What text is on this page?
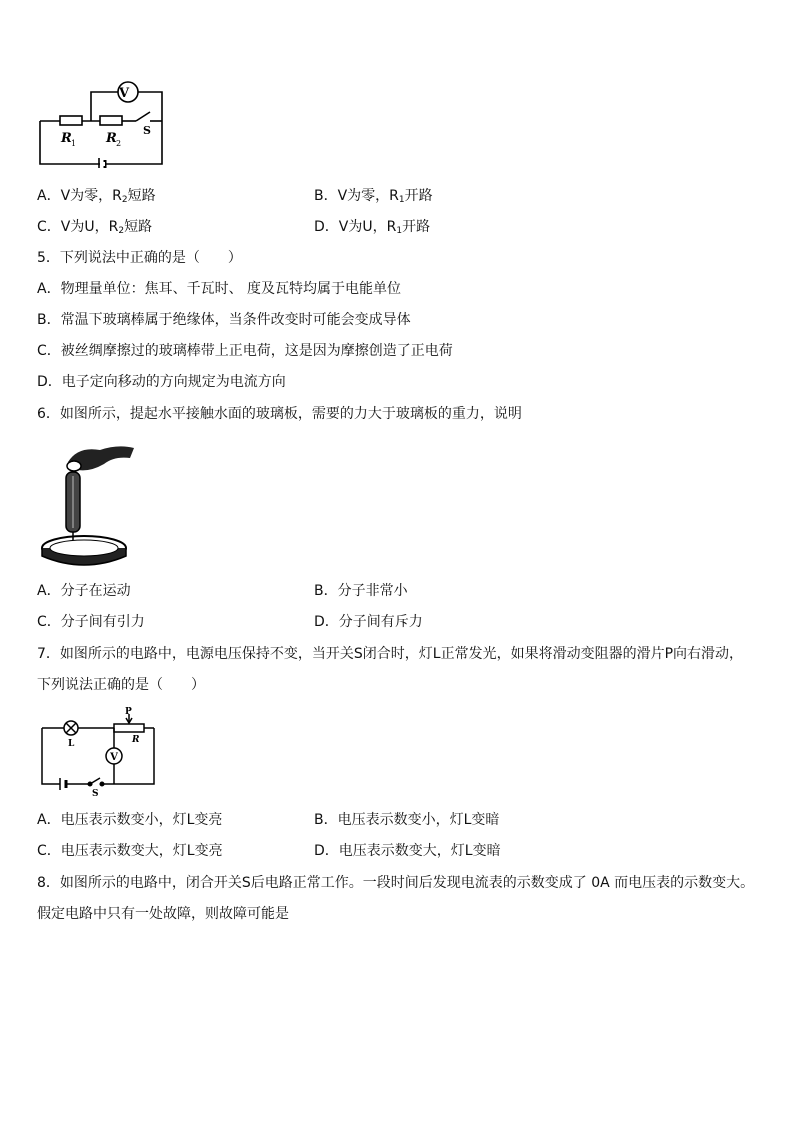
V
R 1 R 2
S
A．V为零，$R_2$短路	B．V为零，$R_1$开路
C．V为U，$R_2$短路	D．V为U，$R_1$开路
5．下列说法中正确的是（　　）
A．物理量单位：焦耳、千瓦时、 度及瓦特均属于电能单位
B．常温下玻璃棒属于绝缘体，当条件改变时可能会变成导体
C．被丝绸摩擦过的玻璃棒带上正电荷，这是因为摩擦创造了正电荷
D．电子定向移动的方向规定为电流方向
6．如图所示，提起水平接触水面的玻璃板，需要的力大于玻璃板的重力，说明
A．分子在运动	B．分子非常小
C．分子间有引力	D．分子间有斥力
7．如图所示的电路中，电源电压保持不变，当开关S闭合时，灯L正常发光，如果将滑动变阻器的滑片P向右滑动，
下列说法正确的是（　　）
P
R
L
V
S
A．电压表示数变小，灯L变亮	B．电压表示数变小，灯L变暗
C．电压表示数变大，灯L变亮	D．电压表示数变大，灯L变暗
8．如图所示的电路中，闭合开关S后电路正常工作。一段时间后发现电流表的示数变成了 0A 而电压表的示数变大。
假定电路中只有一处故障，则故障可能是
